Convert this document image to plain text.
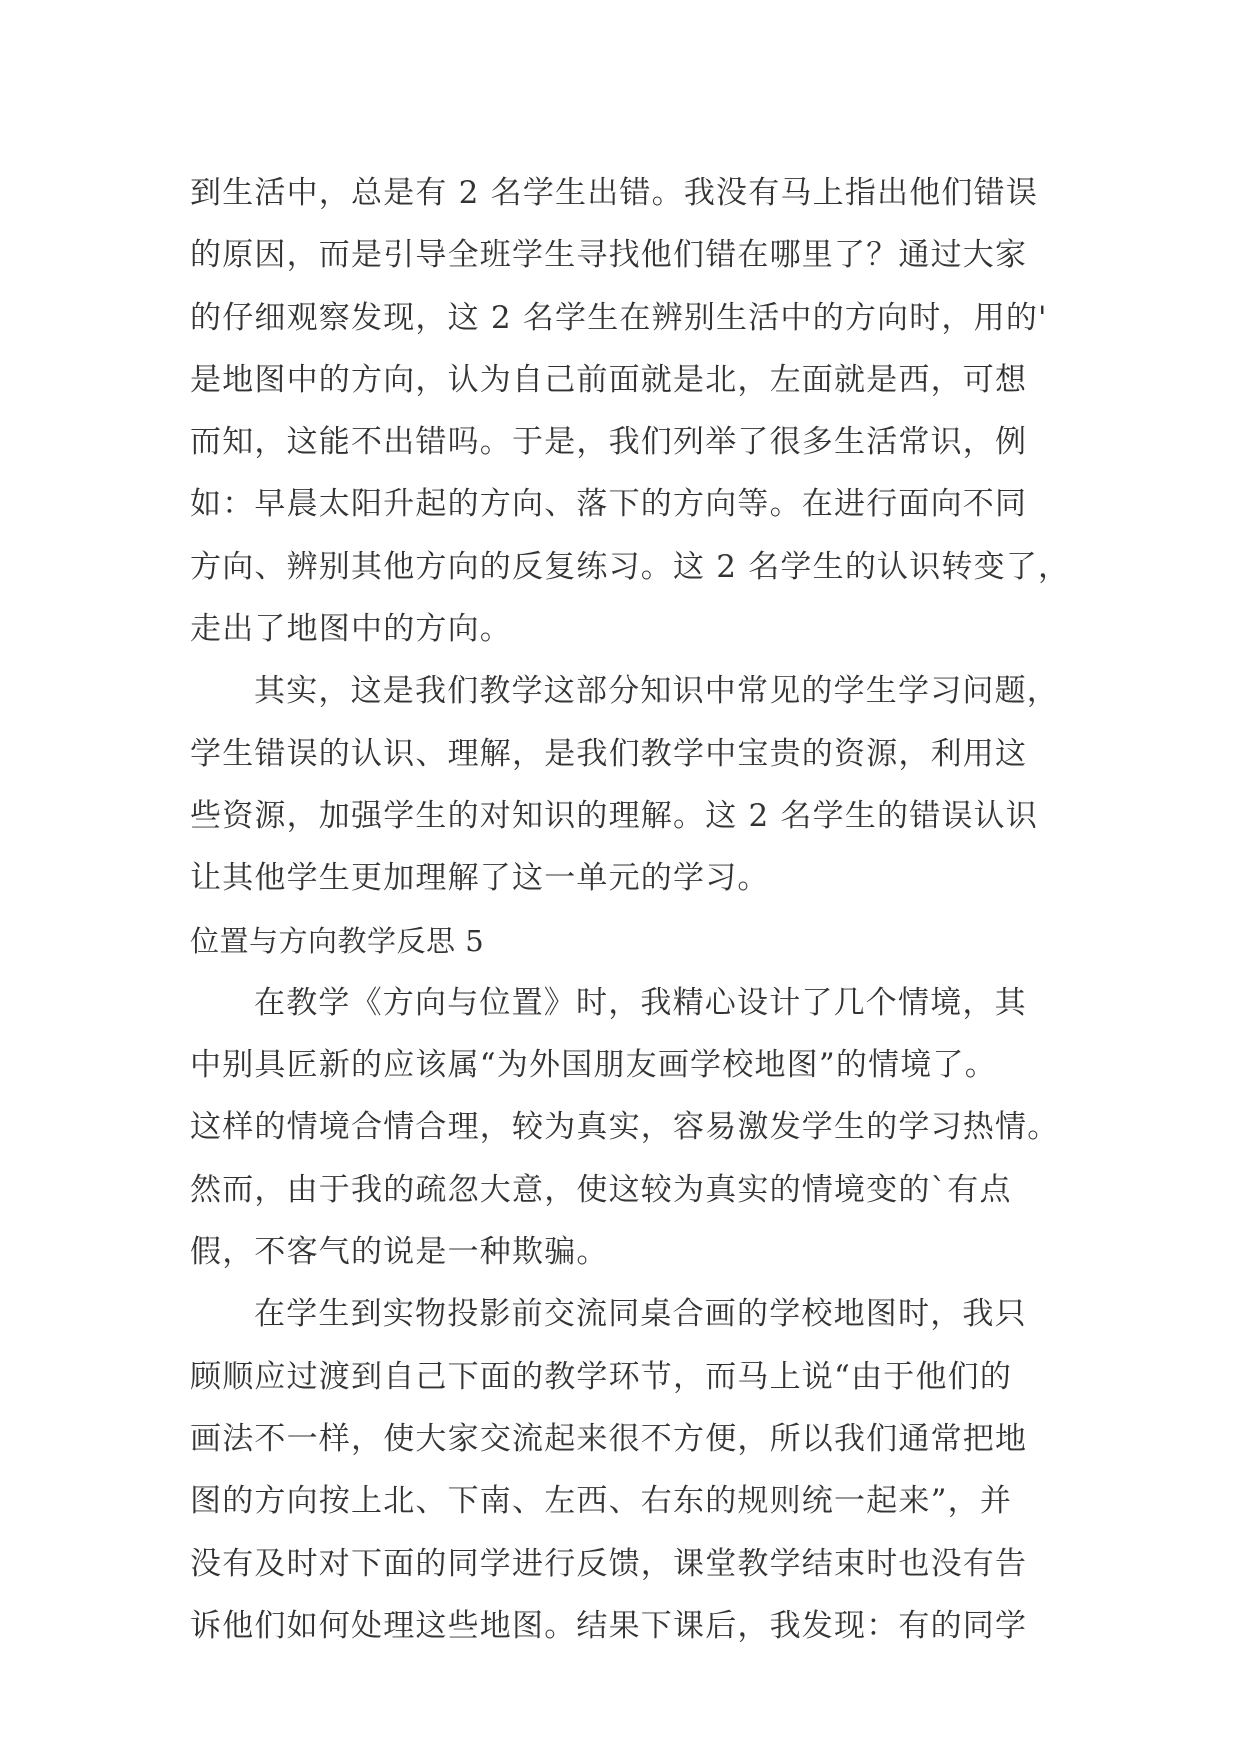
到生活中，总是有 2 名学生出错。我没有马上指出他们错误
的原因，而是引导全班学生寻找他们错在哪里了？通过大家
的仔细观察发现，这 2 名学生在辨别生活中的方向时，用的'
是地图中的方向，认为自己前面就是北，左面就是西，可想
而知，这能不出错吗。于是，我们列举了很多生活常识，例
如：早晨太阳升起的方向、落下的方向等。在进行面向不同
方向、辨别其他方向的反复练习。这 2 名学生的认识转变了，
走出了地图中的方向。
其实，这是我们教学这部分知识中常见的学生学习问题，
学生错误的认识、理解，是我们教学中宝贵的资源，利用这
些资源，加强学生的对知识的理解。这 2 名学生的错误认识
让其他学生更加理解了这一单元的学习。
位置与方向教学反思 5
在教学《方向与位置》时，我精心设计了几个情境，其
中别具匠新的应该属“为外国朋友画学校地图”的情境了。
这样的情境合情合理，较为真实，容易激发学生的学习热情。
然而，由于我的疏忽大意，使这较为真实的情境变的`有点
假，不客气的说是一种欺骗。
在学生到实物投影前交流同桌合画的学校地图时，我只
顾顺应过渡到自己下面的教学环节，而马上说“由于他们的
画法不一样，使大家交流起来很不方便，所以我们通常把地
图的方向按上北、下南、左西、右东的规则统一起来”，并
没有及时对下面的同学进行反馈，课堂教学结束时也没有告
诉他们如何处理这些地图。结果下课后，我发现：有的同学
